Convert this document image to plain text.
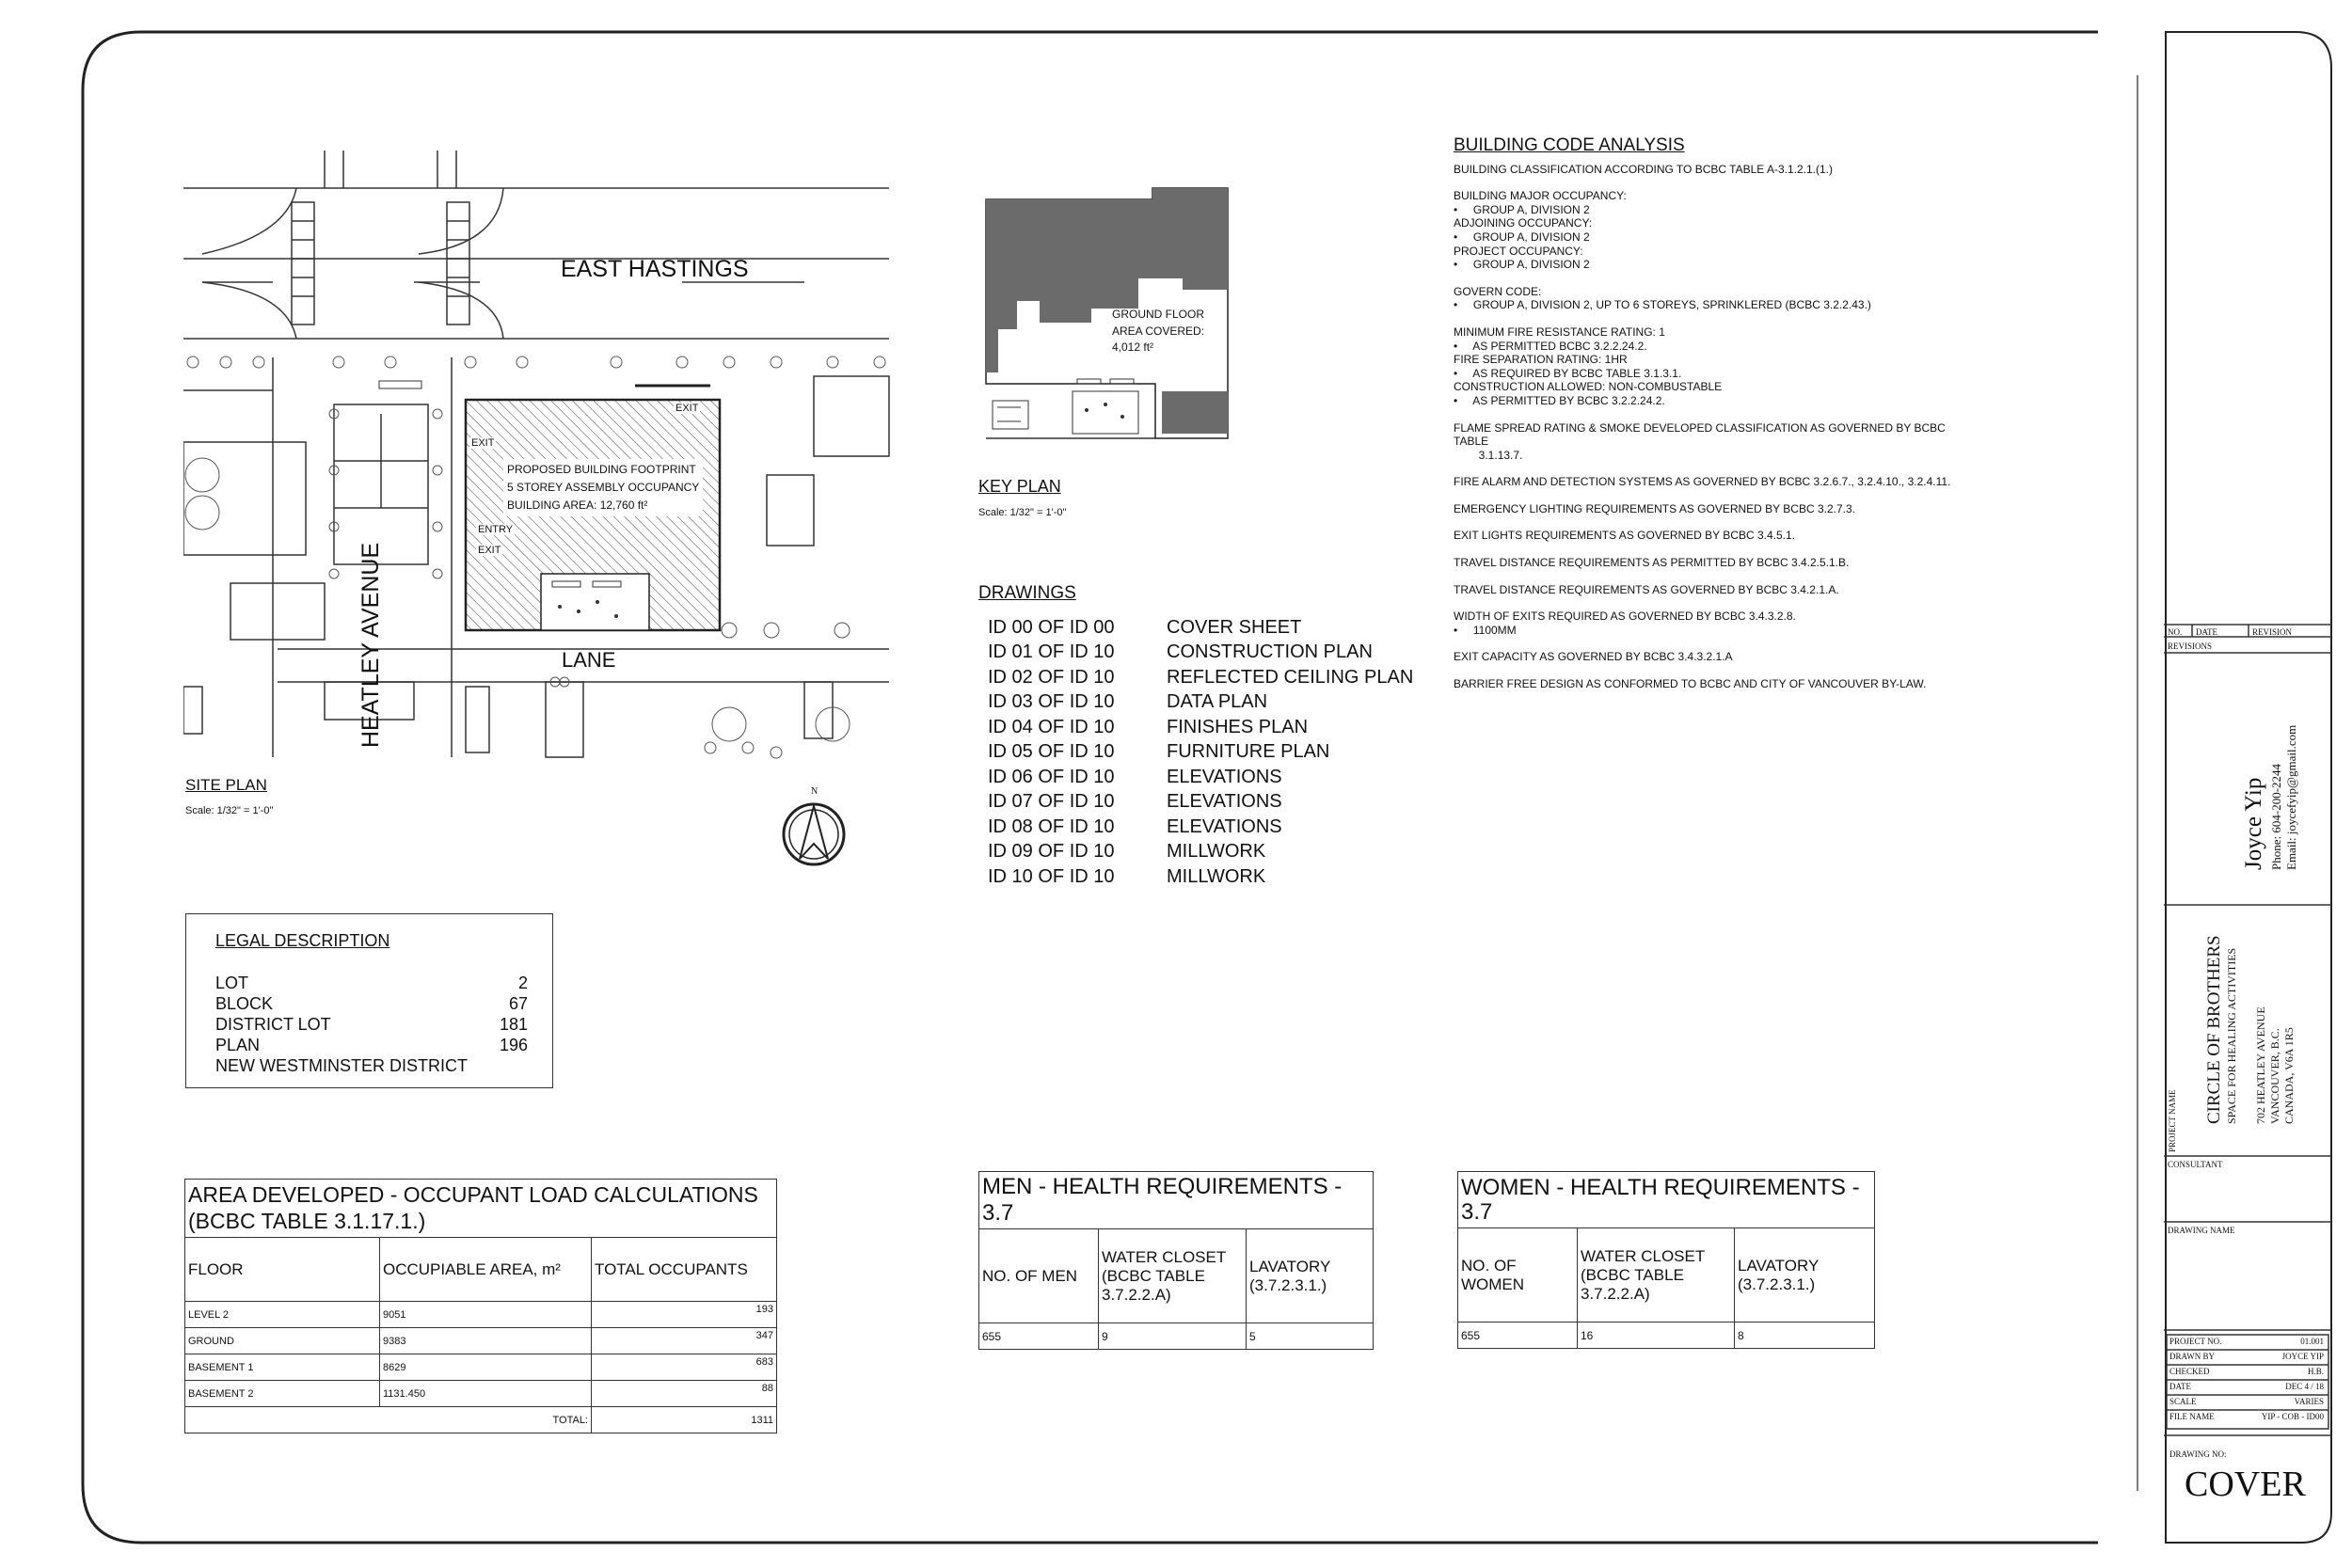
EAST HASTINGS
HEATLEY AVENUE	LANE
EXIT
EXIT
ENTRY
EXIT
PROPOSED BUILDING FOOTPRINT
5 STOREY ASSEMBLY OCCUPANCY
BUILDING AREA: 12,760 ft²
SITE PLAN
Scale: 1/32" = 1'-0"
N
GROUND FLOOR
AREA COVERED:
4,012 ft²
KEY PLAN
Scale: 1/32" = 1'-0"
DRAWINGS
ID 00 OF ID 00	COVER SHEET
ID 01 OF ID 10	CONSTRUCTION PLAN
ID 02 OF ID 10	REFLECTED CEILING PLAN
ID 03 OF ID 10	DATA PLAN
ID 04 OF ID 10	FINISHES PLAN
ID 05 OF ID 10	FURNITURE PLAN
ID 06 OF ID 10	ELEVATIONS
ID 07 OF ID 10	ELEVATIONS
ID 08 OF ID 10	ELEVATIONS
ID 09 OF ID 10	MILLWORK
ID 10 OF ID 10	MILLWORK
BUILDING CODE ANALYSIS
BUILDING CLASSIFICATION ACCORDING TO BCBC TABLE A-3.1.2.1.(1.)
BUILDING MAJOR OCCUPANCY:
•     GROUP A, DIVISION 2
ADJOINING OCCUPANCY:
•     GROUP A, DIVISION 2
PROJECT OCCUPANCY:
•     GROUP A, DIVISION 2
GOVERN CODE:
•     GROUP A, DIVISION 2, UP TO 6 STOREYS, SPRINKLERED (BCBC 3.2.2.43.)
MINIMUM FIRE RESISTANCE RATING: 1
•     AS PERMITTED BCBC 3.2.2.24.2.
FIRE SEPARATION RATING: 1HR
•     AS REQUIRED BY BCBC TABLE 3.1.3.1.
CONSTRUCTION ALLOWED: NON-COMBUSTABLE
•     AS PERMITTED BY BCBC 3.2.2.24.2.
FLAME SPREAD RATING & SMOKE DEVELOPED CLASSIFICATION AS GOVERNED BY BCBC TABLE
3.1.13.7.
FIRE ALARM AND DETECTION SYSTEMS AS GOVERNED BY BCBC 3.2.6.7., 3.2.4.10., 3.2.4.11.
EMERGENCY LIGHTING REQUIREMENTS AS GOVERNED BY BCBC 3.2.7.3.
EXIT LIGHTS REQUIREMENTS AS GOVERNED BY BCBC 3.4.5.1.
TRAVEL DISTANCE REQUIREMENTS AS PERMITTED BY BCBC 3.4.2.5.1.B.
TRAVEL DISTANCE REQUIREMENTS AS GOVERNED BY BCBC 3.4.2.1.A.
WIDTH OF EXITS REQUIRED AS GOVERNED BY BCBC 3.4.3.2.8.
•     1100MM
EXIT CAPACITY AS GOVERNED BY BCBC 3.4.3.2.1.A
BARRIER FREE DESIGN AS CONFORMED TO BCBC AND CITY OF VANCOUVER BY-LAW.
LEGAL DESCRIPTION
LOT	2
BLOCK	67
DISTRICT LOT	181
PLAN	196
NEW WESTMINSTER DISTRICT	
AREA DEVELOPED - OCCUPANT LOAD CALCULATIONS (BCBC TABLE 3.1.17.1.)		
FLOOR	OCCUPIABLE AREA, m²	TOTAL OCCUPANTS
LEVEL 2	9051	193
GROUND	9383	347
BASEMENT 1	8629	683
BASEMENT 2	1131.450	88
TOTAL:		1311
MEN - HEALTH REQUIREMENTS - 3.7		
NO. OF MEN	WATER CLOSET (BCBC TABLE 3.7.2.2.A)	LAVATORY (3.7.2.3.1.)
655	9	5
WOMEN - HEALTH REQUIREMENTS - 3.7		
NO. OF WOMEN	WATER CLOSET (BCBC TABLE 3.7.2.2.A)	LAVATORY (3.7.2.3.1.)
655	16	8
NO. DATE	REVISION
REVISIONS
Joyce Yip Phone: 604-200-2244 Email: joycefyip@gmail.com
PROJECT NAME CIRCLE OF BROTHERS SPACE FOR HEALING ACTIVITIES 702 HEATLEY AVENUE VANCOUVER, B.C. CANADA, V6A 1R5
CONSULTANT
DRAWING NAME
PROJECT NO.	01.001
DRAWN BY	JOYCE YIP
CHECKED	H.B.
DATE	DEC 4 / 18
SCALE	VARIES
FILE NAME	YIP - COB - ID00
DRAWING NO:
COVER
